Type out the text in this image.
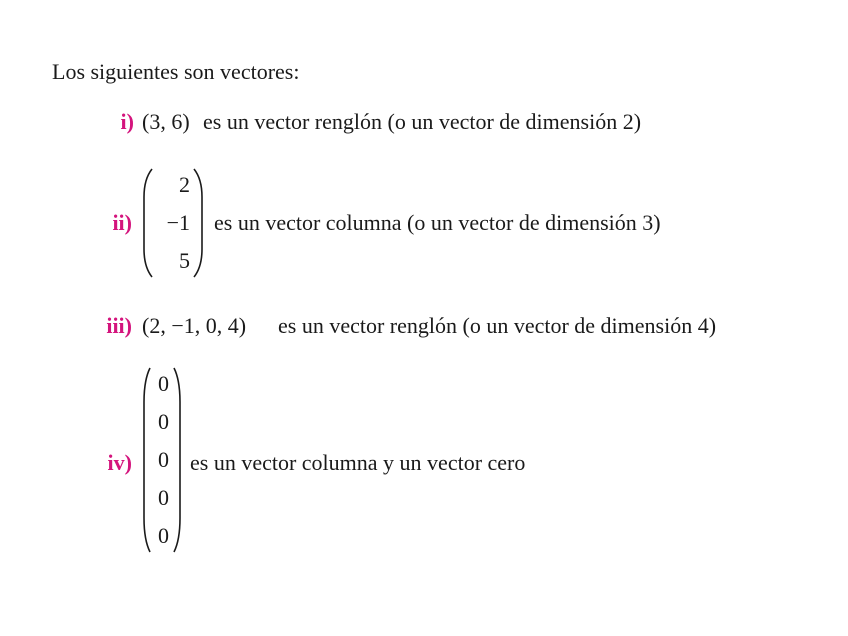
Los siguientes son vectores:
i) (3, 6) es un vector renglón (o un vector de dimensión 2)
ii)
2
−1
5
es un vector columna (o un vector de dimensión 3)
iii) (2, −1, 0, 4) es un vector renglón (o un vector de dimensión 4)
iv)
0
0
0
0
0
es un vector columna y un vector cero
